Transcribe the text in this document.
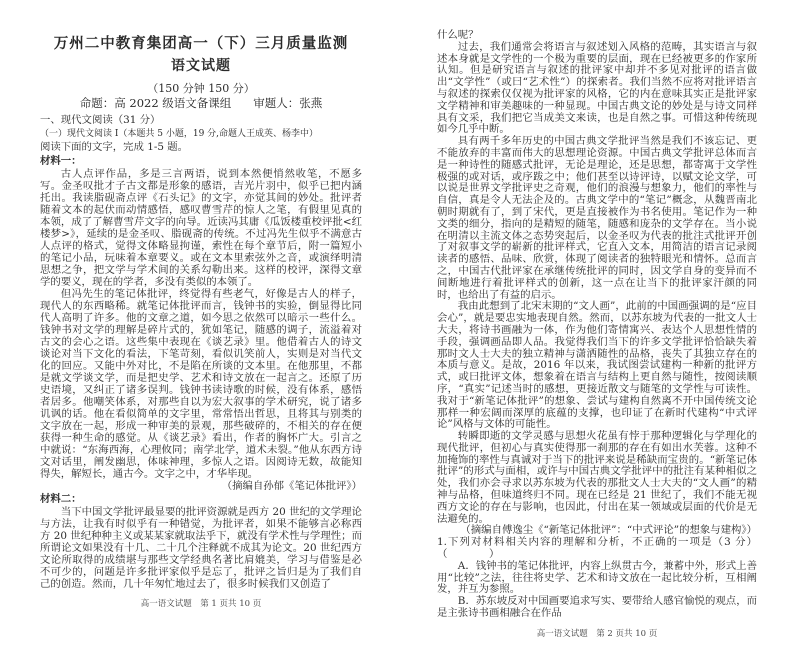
万州二中教育集团高一（下）三月质量监测
语文试题
（150 分钟 150 分）
命题：高 2022 级语文备课组      审题人：张燕

一、现代文阅读（31 分）

（一）现代文阅读 I（本题共 5 小题，19 分,命题人王成英、杨李中）

阅读下面的文字，完成 1-5 题。

材料一：

古人点评作品，多是三言两语，说到本然便悄然收笔，不愿多写。金圣叹批才子古文都是形象的感语，吉光片羽中，似乎已把内涵托出。我读脂砚斋点评《石头记》的文字，亦觉其间的妙处。批评者随着文本的起伏而动情感悟，感叹曹雪芹的惊人之笔，有假里见真的本领，成了了解曹雪芹文字的向导。近读冯其庸《瓜饭楼重校评批<红楼梦>》，延续的是金圣叹、脂砚斋的传统。不过冯先生似乎不满意古人点评的格式，觉得文体略显拘谨，索性在每个章节后，附一篇短小的笔记小品，玩味着本章要义。或在文本里索弦外之音，或演绎明清思想之争，把文学与学术间的关系勾勒出来。这样的校评，深得文章学的要义，现在的学者，多没有类似的本领了。

但冯先生的笔记体批评，终觉得有些老气，好像是古人的样子，现代人的东西略稀。就笔记体批评而言，钱钟书的实验，倒显得比同代人高明了许多。他的文章之道，如今思之依然可以暗示一些什么。钱钟书对文学的理解是碎片式的，犹如笔记，随感的调子，流溢着对古文的会心之语。这些集中表现在《谈艺录》里。他借着古人的诗文谈论对当下文化的看法，下笔苛刻，看似讥笑前人，实则是对当代文化的回应。又能中外对比，不是陷在所谈的文本里。在他那里，不都是就文学谈文学，而是把史学、艺术和诗文放在一起言之。还原了历史语境，又纠正了诸多误判。钱钟书读诗歌的时候，没有体系，感悟者居多。他嘲笑体系，对那些自以为宏大叙事的学术研究，说了诸多讥讽的话。他在看似简单的文字里，常常悟出哲思，且将其与别类的文字放在一起，形成一种审美的景观，那些破碎的，不相关的存在便获得一种生命的感觉。从《谈艺录》看出，作者的胸怀广大。引言之中就说：“东海西海，心理攸同；南学北学，道术未裂。”他从东西方诗文对话里，阐发幽思，体味神理，多惊人之语。因阅诗无数，故能知得失，解短长，通古今。文字之中，才华毕现。

（摘编自孙郁《笔记体批评》）

材料二：

当下中国文学批评最显要的批评资源就是西方 20 世纪的文学理论与方法，让我有时似乎有一种错觉，为批评者，如果不能够言必称西方 20 世纪种种主义或某某家就取法乎下，就没有学术性与学理性；而所谓论文如果没有十几、二十几个注释就不成其为论文。20 世纪西方文论所取得的成绩堪与那些文学经典名著比肩媲美，学习与借鉴是必不可少的，问题是许多批评家似乎是忘了，批评之旨归是为了我们自己的创造。然而，几十年匆忙地过去了，很多时候我们又创造了

高一语文试题　第 1 页共 10 页

什么呢？

过去，我们通常会将语言与叙述划入风格的范畴，其实语言与叙述本身就是文学性的一个极为重要的层面，现在已经被更多的作家所认知。但是研究语言与叙述的批评家中却并不多见对批评的语言做出“文学性”（或曰“艺术性”）的探索者。我们当然不应将对批评语言与叙述的探索仅仅视为批评家的风格，它的内在意味其实正是批评家文学精神和审美趣味的一种显现。中国古典文论的妙处是与诗文同样具有文采，我们把它当成美文来读，也是自然之事。可惜这种传统现如今几乎中断。

具有两千多年历史的中国古典文学批评当然是我们不该忘记、更不能放弃的丰富而伟大的思想理论资源。中国古典文学批评总体而言是一种诗性的随感式批评，无论是理论，还是思想，都寄寓于文学性极强的或对话，或序跋之中；他们甚至以诗评诗，以赋文论文学，可以说是世界文学批评史之奇观，他们的浪漫与想象力，他们的率性与自信，真是令人无法企及的。古典文学中的“笔记”概念，从魏晋南北朝时期就有了，到了宋代，更是直接被作为书名使用。笔记作为一种文类的细分，指向的是精短的随笔，随感和庞杂的文学存在。当小说在明清以主流文体之态势突起后，以金圣叹为代表的批注式批评开创了对叙事文学的崭新的批评样式，它直入文本，用简洁的语言记录阅读者的感悟、品味、欣赏，体现了阅读者的独特眼光和情怀。总而言之，中国古代批评家在承继传统批评的同时，因文学自身的变异而不间断地进行着批评样式的创新，这一点在让当下的批评家汗颜的同时，也给出了有益的启示。

我由此想到了北宋末期的“文人画”，此前的中国画强调的是“应目会心”，就是要忠实地表现自然。然而，以苏东坡为代表的一批文人士大夫，将诗书画融为一体，作为他们寄情寓兴、表达个人思想性情的手段，强调画品即人品。我觉得我们当下的许多文学批评恰恰缺失着那时文人士大夫的独立精神与潇洒随性的品格，丧失了其独立存在的本质与意义。是故，2016 年以来，我试图尝试建构一种新的批评方式，或曰批评文体，想象着在语言与结构上更自然与随性，按阅读顺序，“真实”记述当时的感想，更接近散文与随笔的文学性与可读性。我对于“新笔记体批评”的想象、尝试与建构自然离不开中国传统文论那样一种宏阔而深厚的底蕴的支撑，也印证了在新时代建构“中式评论”风格与文体的可能性。

转瞬即逝的文学灵感与思想火花虽有悖于那种逻辑化与学理化的现代批评，但初心与真实使得那一刹那的存在有如出水芙蓉。这种不加掩饰的率性与真诚对于当下的批评来说是稀缺而宝贵的。“新笔记体批评”的形式与面相，或许与中国古典文学批评中的批注有某种相似之处，我们亦会寻求以苏东坡为代表的那批文人士大夫的“文人画”的精神与品格，但味道终归不同。现在已经是 21 世纪了，我们不能无视西方文论的存在与影响，也因此，付出在某一领域或层面的代价是无法避免的。

（摘编自傅逸尘《“新笔记体批评”：“中式评论”的想象与建构》）

1.下列对材料相关内容的理解和分析，不正确的一项是（3 分）（　　　　）

A．钱钟书的笔记体批评，内容上纵贯古今，兼蓄中外，形式上善用“比较”之法，往往将史学、艺术和诗文放在一起比较分析，互相阐发，并互为参照。

B．苏东坡反对中国画要追求写实、要带给人感官愉悦的观点，而是主张诗书画相融合在作品

高一语文试题　第 2 页共 10 页
